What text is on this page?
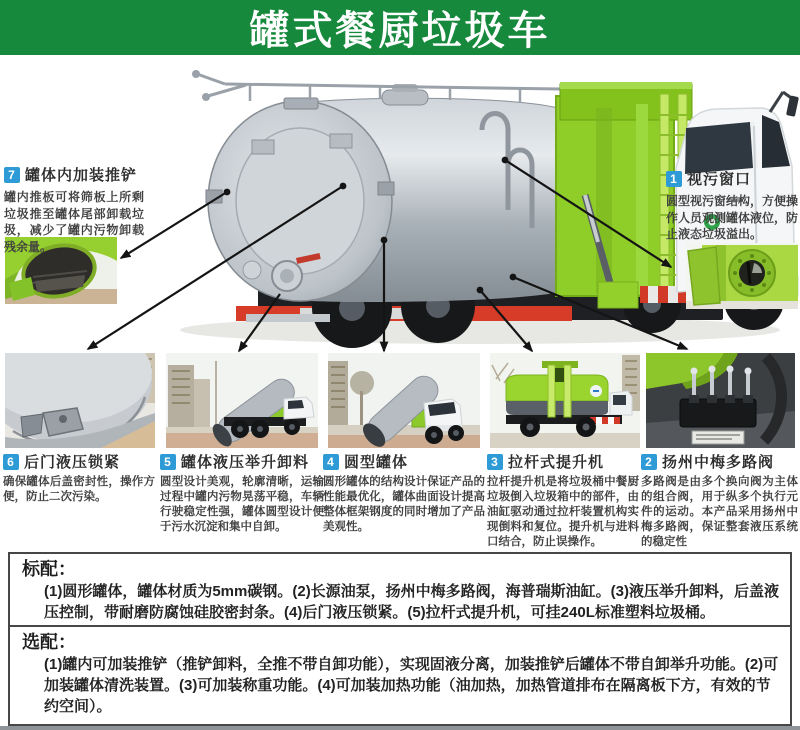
罐式餐厨垃圾车
7 罐体内加装推铲
罐内推板可将筛板上所剩垃圾推至罐体尾部卸载垃圾，减少了罐内污物卸载残余量。
1 视污窗口
圆型视污窗结构，方便操作人员观测罐体液位，防止液态垃圾溢出。
6 后门液压锁紧
确保罐体后盖密封性，操作方便，防止二次污染。
5 罐体液压举升卸料
圆型设计美观，轮廓清晰，运输过程中罐内污物晃荡平稳，车辆行驶稳定性强，罐体圆型设计便于污水沉淀和集中自卸。
4 圆型罐体
圆形罐体的结构设计保证产品的性能最优化，罐体曲面设计提高整体框架钢度的同时增加了产品美观性。
3 拉杆式提升机
拉杆提升机是将垃圾桶中餐厨垃圾倒入垃圾箱中的部件，由油缸驱动通过拉杆装置机构实现倒料和复位。提升机与进料口结合，防止误操作。
2 扬州中梅多路阀
多路阀是由多个换向阀为主体的组合阀，用于纵多个执行元件的运动。本产品采用扬州中梅多路阀，保证整套液压系统的稳定性
标配：
(1)圆形罐体，罐体材质为5mm碳钢。(2)长源油泵，扬州中梅多路阀，海普瑞斯油缸。(3)液压举升卸料，后盖液压控制，带耐磨防腐蚀硅胶密封条。(4)后门液压锁紧。(5)拉杆式提升机，可挂240L标准塑料垃圾桶。
选配：
(1)罐内可加装推铲（推铲卸料，全推不带自卸功能），实现固液分离，加装推铲后罐体不带自卸举升功能。(2)可加装罐体清洗装置。(3)可加装称重功能。(4)可加装加热功能（油加热，加热管道排布在隔离板下方，有效的节约空间）。
